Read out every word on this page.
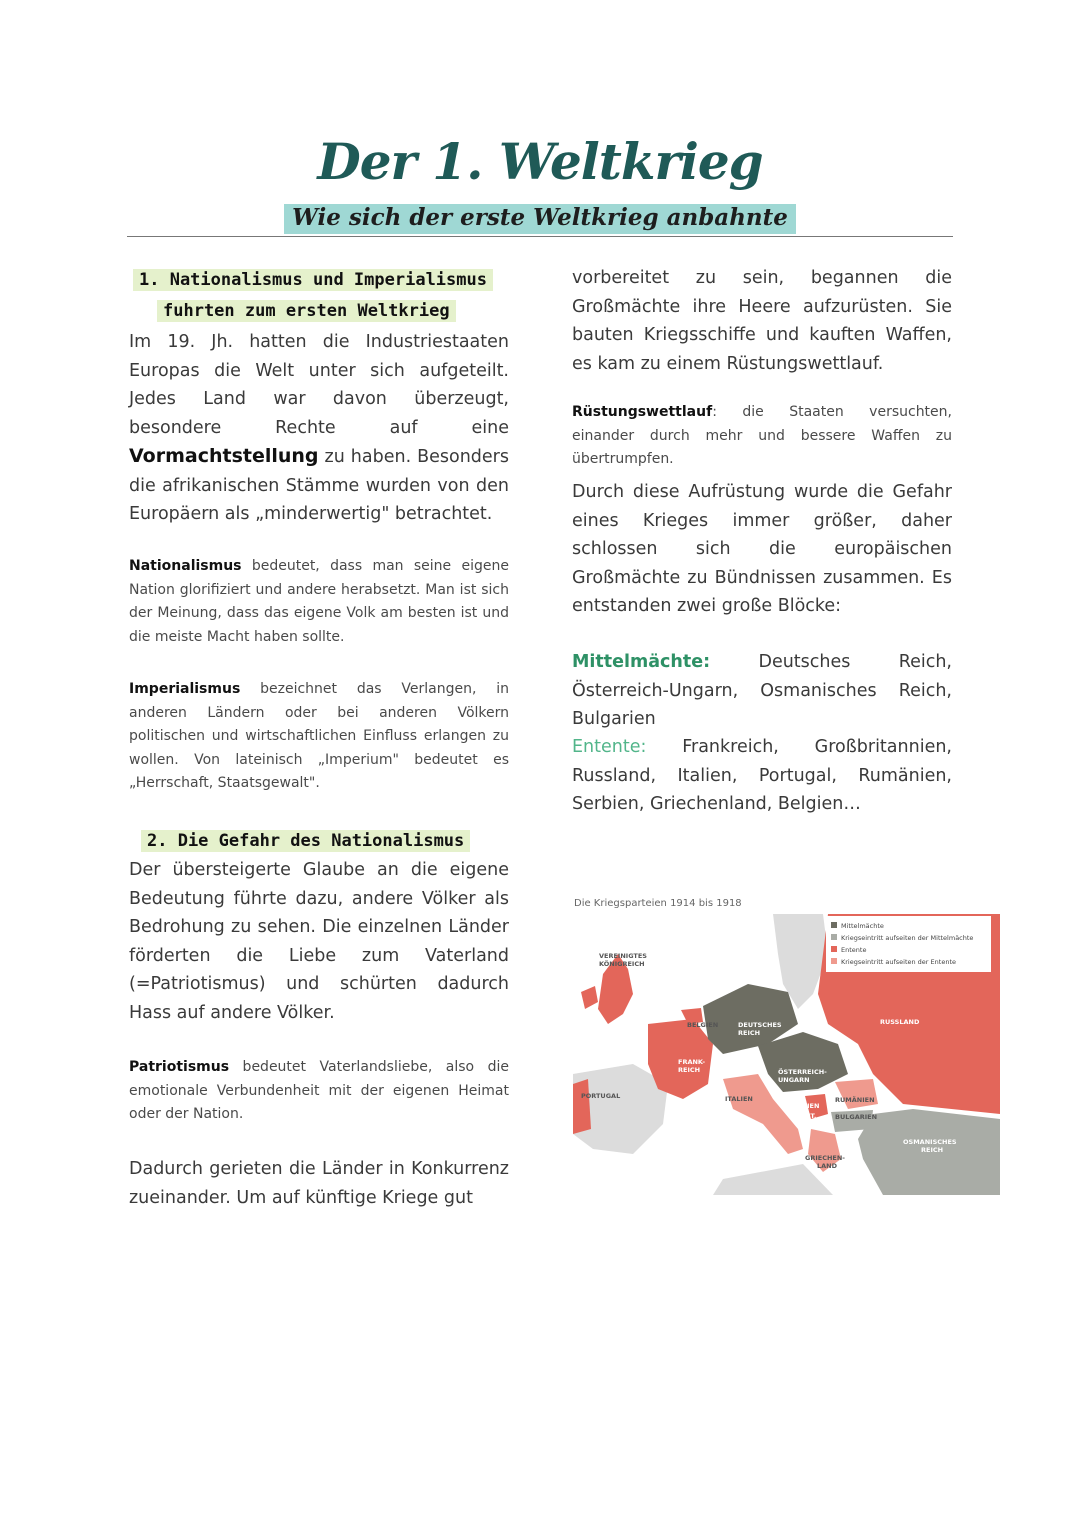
Der 1. Weltkrieg
Wie sich der erste Weltkrieg anbahnte
1. Nationalismus und Imperialismus
fuhrten zum ersten Weltkrieg

Im 19. Jh. hatten die Industriestaaten Europas die Welt unter sich aufgeteilt. Jedes Land war davon überzeugt, besondere Rechte auf eine Vormachtstellung zu haben. Besonders die afrikanischen Stämme wurden von den Europäern als „minderwertig" betrachtet.

Nationalismus bedeutet, dass man seine eigene Nation glorifiziert und andere herabsetzt. Man ist sich der Meinung, dass das eigene Volk am besten ist und die meiste Macht haben sollte.

Imperialismus bezeichnet das Verlangen, in anderen Ländern oder bei anderen Völkern politischen und wirtschaftlichen Einfluss erlangen zu wollen. Von lateinisch „Imperium" bedeutet es „Herrschaft, Staatsgewalt".

2. Die Gefahr des Nationalismus

Der übersteigerte Glaube an die eigene Bedeutung führte dazu, andere Völker als Bedrohung zu sehen. Die einzelnen Länder förderten die Liebe zum Vaterland (=Patriotismus) und schürten dadurch Hass auf andere Völker.

Patriotismus bedeutet Vaterlandsliebe, also die emotionale Verbundenheit mit der eigenen Heimat oder der Nation.

Dadurch gerieten die Länder in Konkurrenz zueinander. Um auf künftige Kriege gut

vorbereitet zu sein, begannen die Großmächte ihre Heere aufzurüsten. Sie bauten Kriegsschiffe und kauften Waffen, es kam zu einem Rüstungswettlauf.

Rüstungswettlauf: die Staaten versuchten, einander durch mehr und bessere Waffen zu übertrumpfen.

Durch diese Aufrüstung wurde die Gefahr eines Krieges immer größer, daher schlossen sich die europäischen Großmächte zu Bündnissen zusammen. Es entstanden zwei große Blöcke:

Mittelmächte: Deutsches Reich, Österreich-Ungarn, Osmanisches Reich, Bulgarien

Entente: Frankreich, Großbritannien, Russland, Italien, Portugal, Rumänien, Serbien, Griechenland, Belgien…

Die Kriegsparteien 1914 bis 1918
Mittelmächte
Kriegseintritt aufseiten der Mittelmächte
Entente
Kriegseintritt aufseiten der Entente
VEREINIGTES
KÖNIGREICH
BELGIEN	DEUTSCHES
REICH
RUSSLAND
FRANK-
REICH	ÖSTERREICH-
UNGARN
PORTUGAL	ITALIEN
SERBIEN
MONT.
RUMÄNIEN
BULGARIEN
OSMANISCHES
REICH
GRIECHEN-
LAND
